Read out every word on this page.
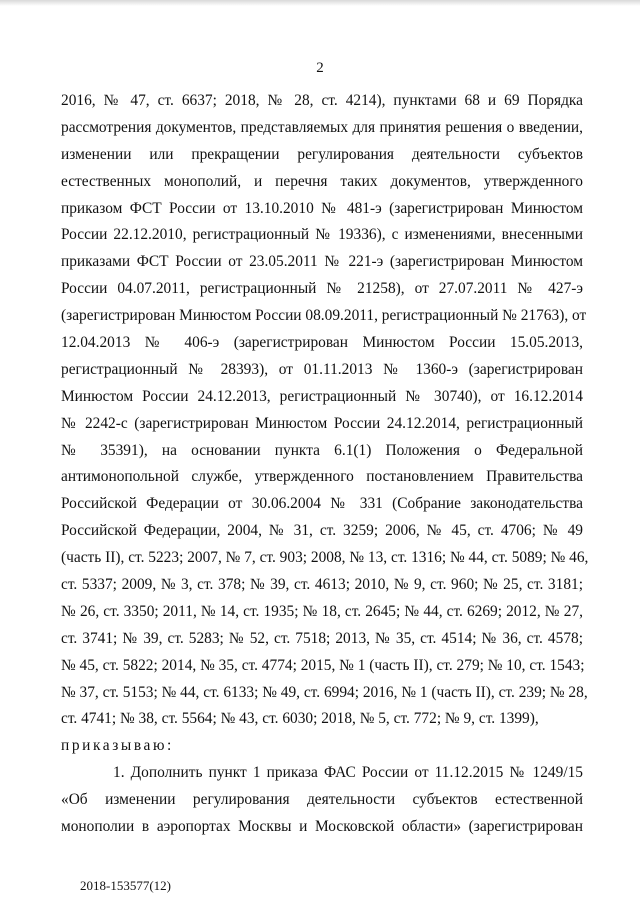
2
2016, № 47, ст. 6637; 2018, № 28, ст. 4214), пунктами 68 и 69 Порядка
рассмотрения документов, представляемых для принятия решения о введении,
изменении или прекращении регулирования деятельности субъектов
естественных монополий, и перечня таких документов, утвержденного
приказом ФСТ России от 13.10.2010 № 481-э (зарегистрирован Минюстом
России 22.12.2010, регистрационный № 19336), с изменениями, внесенными
приказами ФСТ России от 23.05.2011 № 221-э (зарегистрирован Минюстом
России 04.07.2011, регистрационный № 21258), от 27.07.2011 № 427-э
(зарегистрирован Минюстом России 08.09.2011, регистрационный № 21763), от
12.04.2013 № 406-э (зарегистрирован Минюстом России 15.05.2013,
регистрационный № 28393), от 01.11.2013 № 1360-э (зарегистрирован
Минюстом России 24.12.2013, регистрационный № 30740), от 16.12.2014
№ 2242-с (зарегистрирован Минюстом России 24.12.2014, регистрационный
№ 35391), на основании пункта 6.1(1) Положения о Федеральной
антимонопольной службе, утвержденного постановлением Правительства
Российской Федерации от 30.06.2004 № 331 (Собрание законодательства
Российской Федерации, 2004, № 31, ст. 3259; 2006, № 45, ст. 4706; № 49
(часть II), ст. 5223; 2007, № 7, ст. 903; 2008, № 13, ст. 1316; № 44, ст. 5089; № 46,
ст. 5337; 2009, № 3, ст. 378; № 39, ст. 4613; 2010, № 9, ст. 960; № 25, ст. 3181;
№ 26, ст. 3350; 2011, № 14, ст. 1935; № 18, ст. 2645; № 44, ст. 6269; 2012, № 27,
ст. 3741; № 39, ст. 5283; № 52, ст. 7518; 2013, № 35, ст. 4514; № 36, ст. 4578;
№ 45, ст. 5822; 2014, № 35, ст. 4774; 2015, № 1 (часть II), ст. 279; № 10, ст. 1543;
№ 37, ст. 5153; № 44, ст. 6133; № 49, ст. 6994; 2016, № 1 (часть II), ст. 239; № 28,
ст. 4741; № 38, ст. 5564; № 43, ст. 6030; 2018, № 5, ст. 772; № 9, ст. 1399),
приказываю:
1. Дополнить пункт 1 приказа ФАС России от 11.12.2015 № 1249/15
«Об изменении регулирования деятельности субъектов естественной
монополии в аэропортах Москвы и Московской области» (зарегистрирован
2018-153577(12)
